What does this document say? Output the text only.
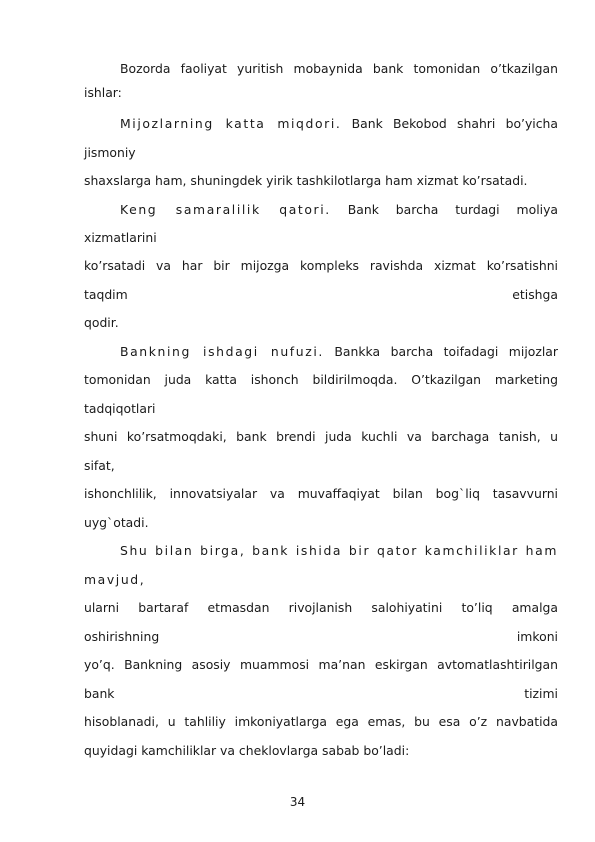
Bozorda faoliyat yuritish mobaynida bank tomonidan o’tkazilgan
ishlar:
Mijozlarning katta miqdori. Bank Bekobod shahri bo’yicha
jismoniy
shaxslarga ham, shuningdek yirik tashkilotlarga ham xizmat ko’rsatadi.
Keng samaralilik qatori. Bank barcha turdagi moliya
xizmatlarini
ko’rsatadi va har bir mijozga kompleks ravishda xizmat ko’rsatishni
taqdim etishga
qodir.
Bankning ishdagi nufuzi. Bankka barcha toifadagi mijozlar
tomonidan juda katta ishonch bildirilmoqda. O’tkazilgan marketing
tadqiqotlari
shuni ko’rsatmoqdaki, bank brendi juda kuchli va barchaga tanish, u
sifat,
ishonchlilik, innovatsiyalar va muvaffaqiyat bilan bog`liq tasavvurni
uyg`otadi.
Shu bilan birga, bank ishida bir qator kamchiliklar ham
mavjud,
ularni bartaraf etmasdan rivojlanish salohiyatini to’liq amalga
oshirishning imkoni
yo’q. Bankning asosiy muammosi ma’nan eskirgan avtomatlashtirilgan
bank tizimi
hisoblanadi, u tahliliy imkoniyatlarga ega emas, bu esa o’z navbatida
quyidagi kamchiliklar va cheklovlarga sabab bo’ladi:
34
